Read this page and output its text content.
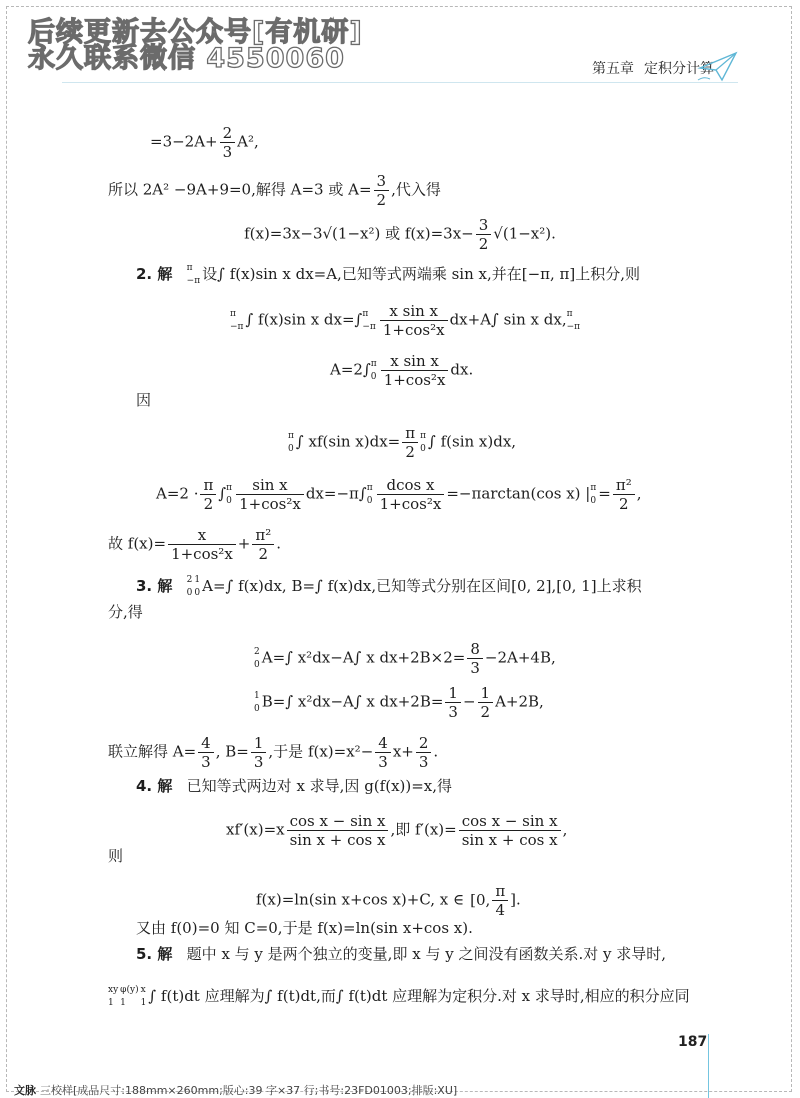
后续更新去公众号[有机研]
永久联系微信 4550060	第五章 定积分计算
$=3-2A+ \frac{2}{3} A^2$,
所以 2A² −9A+9=0,解得 A=3 或 $A= \frac{3}{2}$ ,代入得
f(x)=3x−3√(1−x²) 或 $f(x)=3x- \frac{3}{2} √(1-x^2)$.
2. 解 π
−π 设∫ f(x)sin x dx=A,已知等式两端乘 sin x,并在[−π, π]上积分,则
π
−π ∫ f(x)sin x dx=∫ π
$-\pi \frac{\text{x sin x}}{\text{1+cos²x}} dx+A\int$ sin x dx, π
−π
A=2∫ π
$0 \frac{\text{x sin x}}{\text{1+cos²x}}$ dx.
因
π
0 ∫ xf(sin $x)dx= \frac{\pi}{2}$ π
0 ∫ f(sin x)dx,
$A=2 \cdot \frac{\pi}{2}$ ∫ π
$0 \frac{\text{sin x}}{\text{1+cos²x}} dx=-\pi\int$ π
$0 \frac{\text{dcos x}}{\text{1+cos²x}} =-\pi\arctan(\cos$ x) | π
$0 = \frac{\text{π²}}{2}$ ,
故 $f(x)= \frac{x}{\text{1+cos²x}} + \frac{\text{π²}}{2}$ .
3. 解 2
0
1
0 A=∫ f(x)dx, B=∫ f(x)dx,已知等式分别在区间[0, 2],[0, 1]上求积
分,得
2
0 A=∫ x²dx−A∫ x $dx+2B\times 2= \frac{8}{3} -2A+4B$,
1
0 B=∫ x²dx−A∫ x $dx+2B= \frac{1}{3} - \frac{1}{2} A+2B$,
联立解得 $A= \frac{4}{3}$ , $B= \frac{1}{3}$ ,于是 $f(x)=x^2- \frac{4}{3} x+ \frac{2}{3}$ .
4. 解 已知等式两边对 x 求导,因 g(f(x))=x,得
$xf'(x)=x \frac{\text{cos x − sin x}}{\text{sin x + cos x}}$ ,即 $f'(x)= \frac{\text{cos x − sin x}}{\text{sin x + cos x}}$ ,
则
f(x)=ln(sin x+cos x)+C, x ∈ [0, $\frac{\pi}{4}$ ].
又由 f(0)=0 知 C=0,于是 f(x)=ln(sin x+cos x).
5. 解 题中 x 与 y 是两个独立的变量,即 x 与 y 之间没有函数关系.对 y 求导时,
xy
1
φ(y)
1
x
1 ∫ f(t)dt 应理解为∫ f(t)dt,而∫ f(t)dt 应理解为定积分.对 x 求导时,相应的积分应同
187
文脉 三校样[成品尺寸:188mm×260mm;版心:39 字×37 行;书号:23FD01003;排版:XU]
